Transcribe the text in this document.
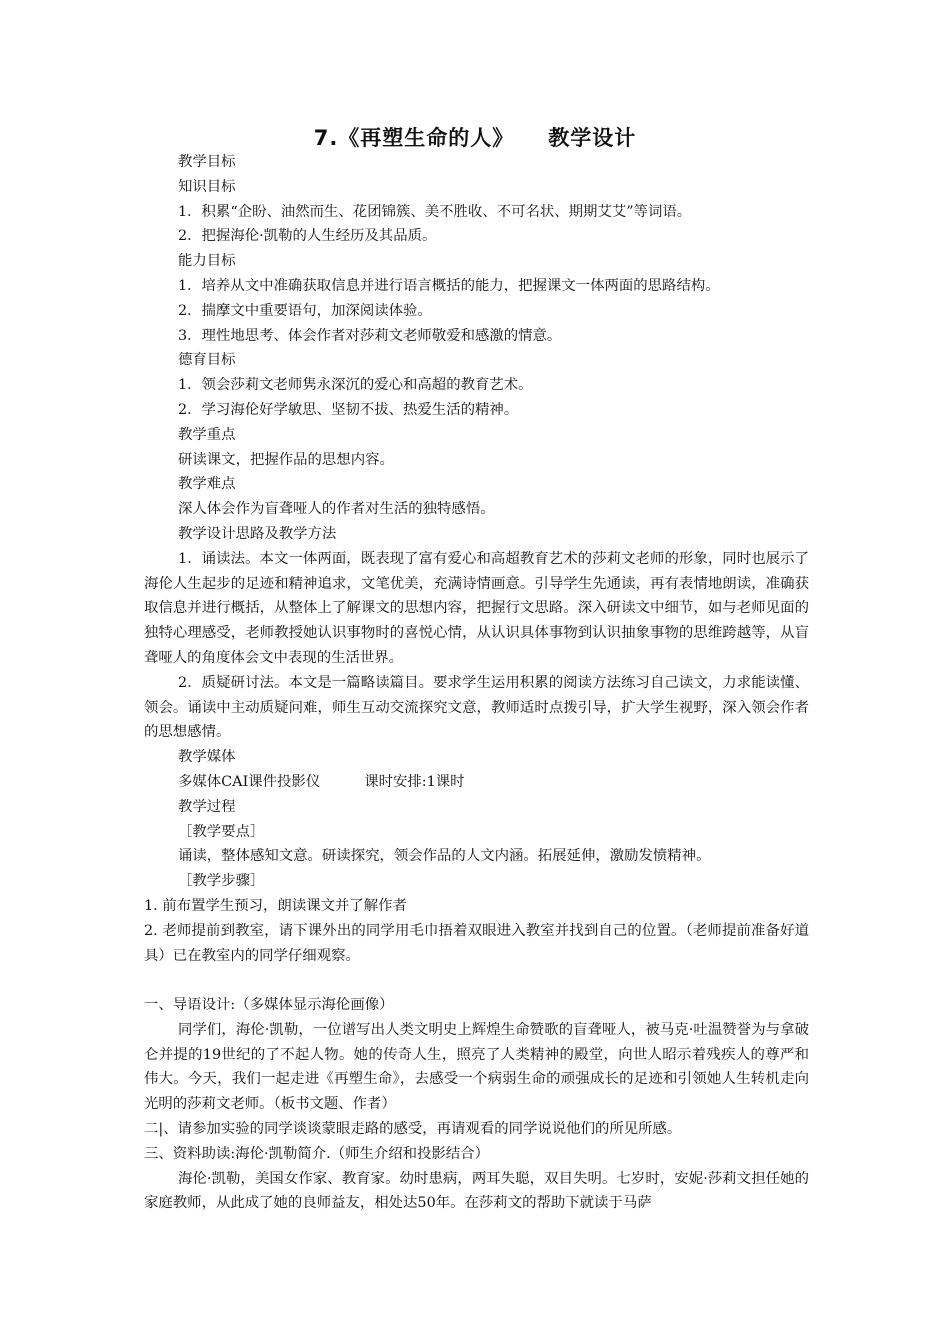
7.《再塑生命的人》 教学设计

教学目标

知识目标

1．积累“企盼、油然而生、花团锦簇、美不胜收、不可名状、期期艾艾”等词语。

2．把握海伦·凯勒的人生经历及其品质。

能力目标

1．培养从文中准确获取信息并进行语言概括的能力，把握课文一体两面的思路结构。

2．揣摩文中重要语句，加深阅读体验。

3．理性地思考、体会作者对莎莉文老师敬爱和感激的情意。

德育目标

1．领会莎莉文老师隽永深沉的爱心和高超的教育艺术。

2．学习海伦好学敏思、坚韧不拔、热爱生活的精神。

教学重点

研读课文，把握作品的思想内容。

教学难点

深人体会作为盲聋哑人的作者对生活的独特感悟。

教学设计思路及教学方法

1．诵读法。本文一体两面，既表现了富有爱心和高超教育艺术的莎莉文老师的形象，同时也展示了海伦人生起步的足迹和精神追求，文笔优美，充满诗情画意。引导学生先通读，再有表情地朗读，准确获取信息并进行概括，从整体上了解课文的思想内容，把握行文思路。深入研读文中细节，如与老师见面的独特心理感受，老师教授她认识事物时的喜悦心情，从认识具体事物到认识抽象事物的思维跨越等，从盲聋哑人的角度体会文中表现的生活世界。

2．质疑研讨法。本文是一篇略读篇目。要求学生运用积累的阅读方法练习自己读文，力求能读懂、领会。诵读中主动质疑问难，师生互动交流探究文意，教师适时点拨引导，扩大学生视野，深入领会作者的思想感情。

教学媒体

多媒体CAI课件投影仪	课时安排:1课时

教学过程

［教学要点］

诵读，整体感知文意。研读探究，领会作品的人文内涵。拓展延伸，激励发愤精神。

［教学步骤］

1. 前布置学生预习，朗读课文并了解作者

2. 老师提前到教室，请下课外出的同学用毛巾捂着双眼进入教室并找到自己的位置。（老师提前准备好道具）已在教室内的同学仔细观察。

一、导语设计:（多媒体显示海伦画像）

同学们，海伦·凯勒，一位谱写出人类文明史上辉煌生命赞歌的盲聋哑人，被马克·吐温赞誉为与拿破仑并提的19世纪的了不起人物。她的传奇人生，照亮了人类精神的殿堂，向世人昭示着残疾人的尊严和伟大。今天，我们一起走进《再塑生命》，去感受一个病弱生命的顽强成长的足迹和引领她人生转机走向光明的莎莉文老师。（板书文题、作者）

二|、请参加实验的同学谈谈蒙眼走路的感受，再请观看的同学说说他们的所见所感。

三、资料助读:海伦·凯勒简介.（师生介绍和投影结合）

海伦·凯勒，美国女作家、教育家。幼时患病，两耳失聪，双目失明。七岁时，安妮·莎莉文担任她的家庭教师，从此成了她的良师益友，相处达50年。在莎莉文的帮助下就读于马萨
